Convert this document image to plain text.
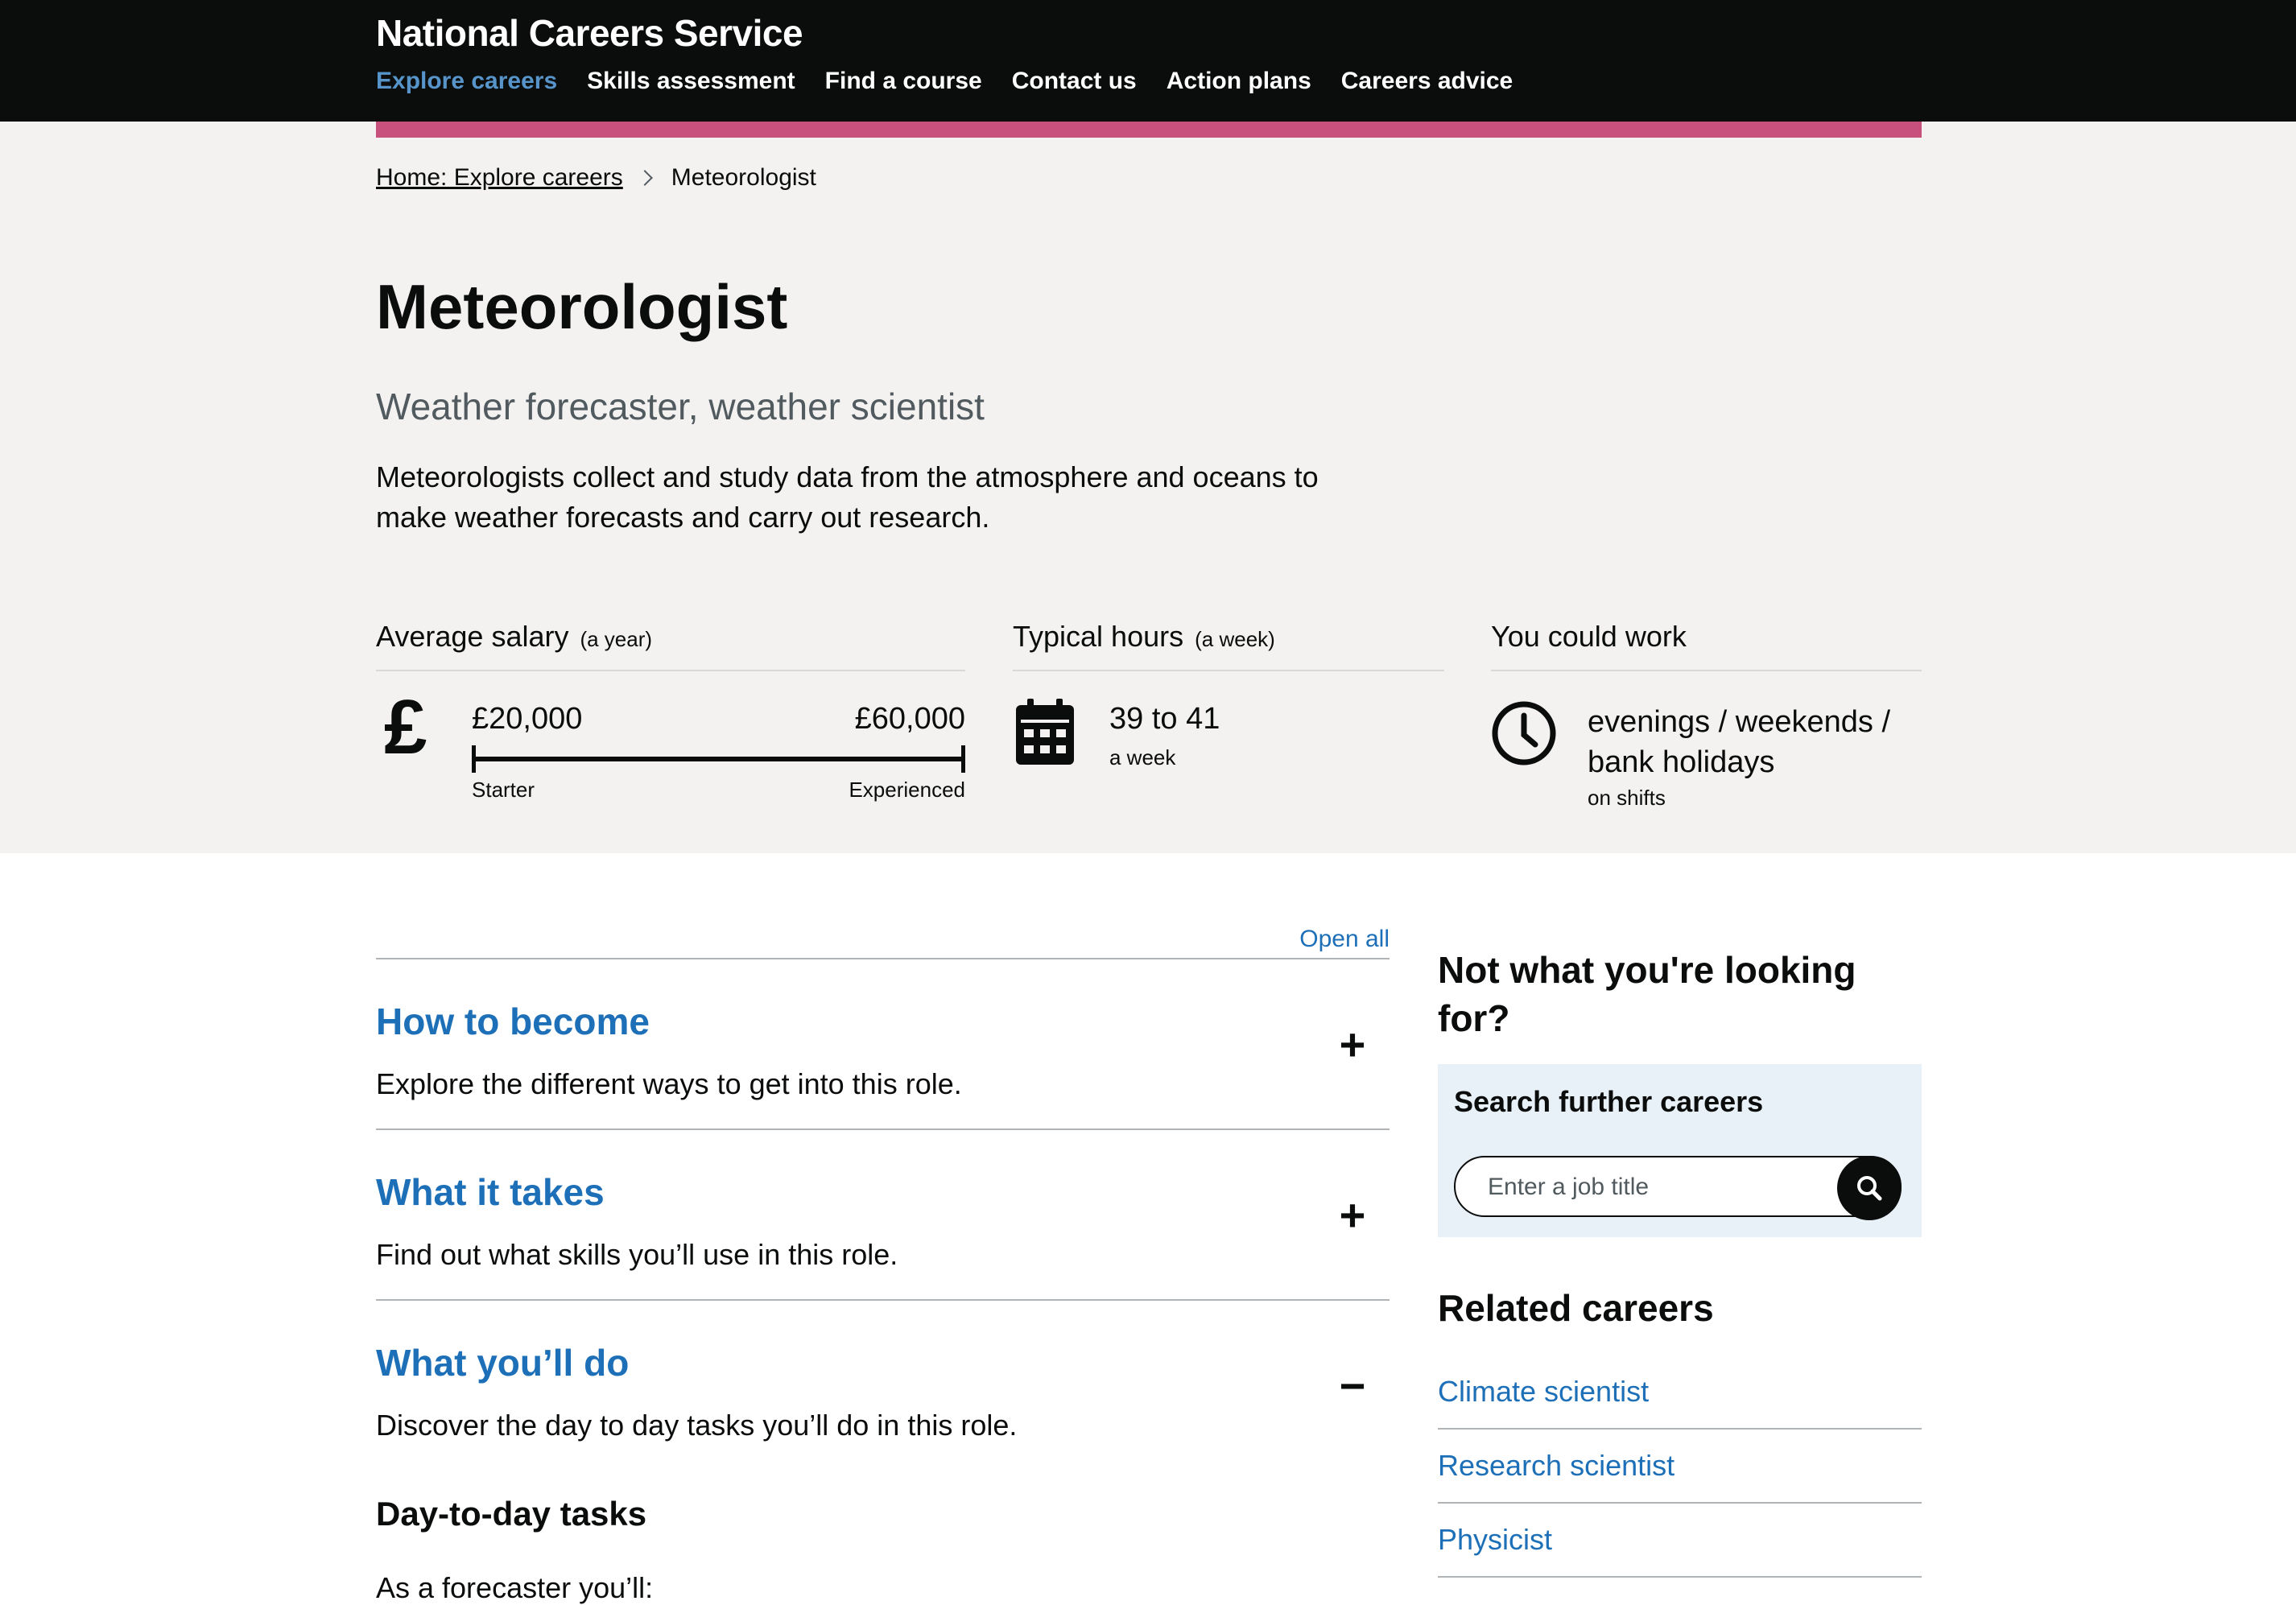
National Careers Service
Explore careers Skills assessment Find a course Contact us Action plans Careers advice
Home: Explore careers Meteorologist
Meteorologist
Weather forecaster, weather scientist
Meteorologists collect and study data from the atmosphere and oceans to make weather forecasts and carry out research.
Average salary (a year)
£ £20,000	£60,000
Starter	Experienced
Typical hours (a week)
39 to 41
a week
You could work
evenings / weekends / bank holidays
on shifts
Open all
How to become	+
Explore the different ways to get into this role.
What it takes	+
Find out what skills you’ll use in this role.
What you’ll do	−
Discover the day to day tasks you’ll do in this role.
Day-to-day tasks
As a forecaster you’ll:
Not what you're looking for?
Search further careers
Enter a job title
Related careers
Climate scientist
Research scientist
Physicist
